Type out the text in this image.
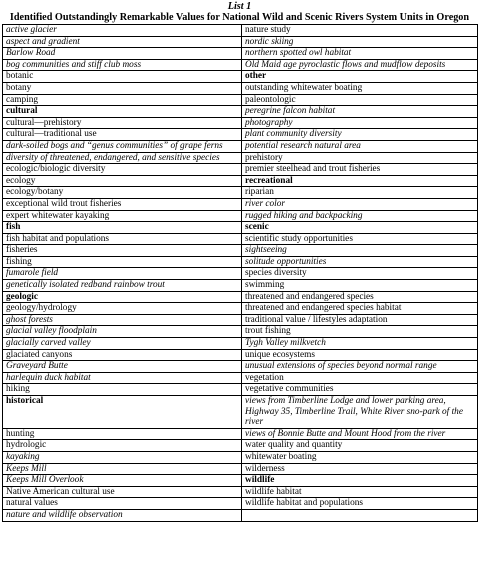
List 1
Identified Outstandingly Remarkable Values for National Wild and Scenic Rivers System Units in Oregon
active glacier	nature study
aspect and gradient	nordic skiing
Barlow Road	northern spotted owl habitat
bog communities and stiff club moss	Old Maid age pyroclastic flows and mudflow deposits
botanic	other
botany	outstanding whitewater boating
camping	paleontologic
cultural	peregrine falcon habitat
cultural—prehistory	photography
cultural—traditional use	plant community diversity
dark-soiled bogs and “genus communities” of grape ferns	potential research natural area
diversity of threatened, endangered, and sensitive species	prehistory
ecologic/biologic diversity	premier steelhead and trout fisheries
ecology	recreational
ecology/botany	riparian
exceptional wild trout fisheries	river color
expert whitewater kayaking	rugged hiking and backpacking
fish	scenic
fish habitat and populations	scientific study opportunities
fisheries	sightseeing
fishing	solitude opportunities
fumarole field	species diversity
genetically isolated redband rainbow trout	swimming
geologic	threatened and endangered species
geology/hydrology	threatened and endangered species habitat
ghost forests	traditional value / lifestyles adaptation
glacial valley floodplain	trout fishing
glacially carved valley	Tygh Valley milkvetch
glaciated canyons	unique ecosystems
Graveyard Butte	unusual extensions of species beyond normal range
harlequin duck habitat	vegetation
hiking	vegetative communities
historical	views from Timberline Lodge and lower parking area, Highway 35, Timberline Trail, White River sno-park of the river
hunting	views of Bonnie Butte and Mount Hood from the river
hydrologic	water quality and quantity
kayaking	whitewater boating
Keeps Mill	wilderness
Keeps Mill Overlook	wildlife
Native American cultural use	wildlife habitat
natural values	wildlife habitat and populations
nature and wildlife observation	
